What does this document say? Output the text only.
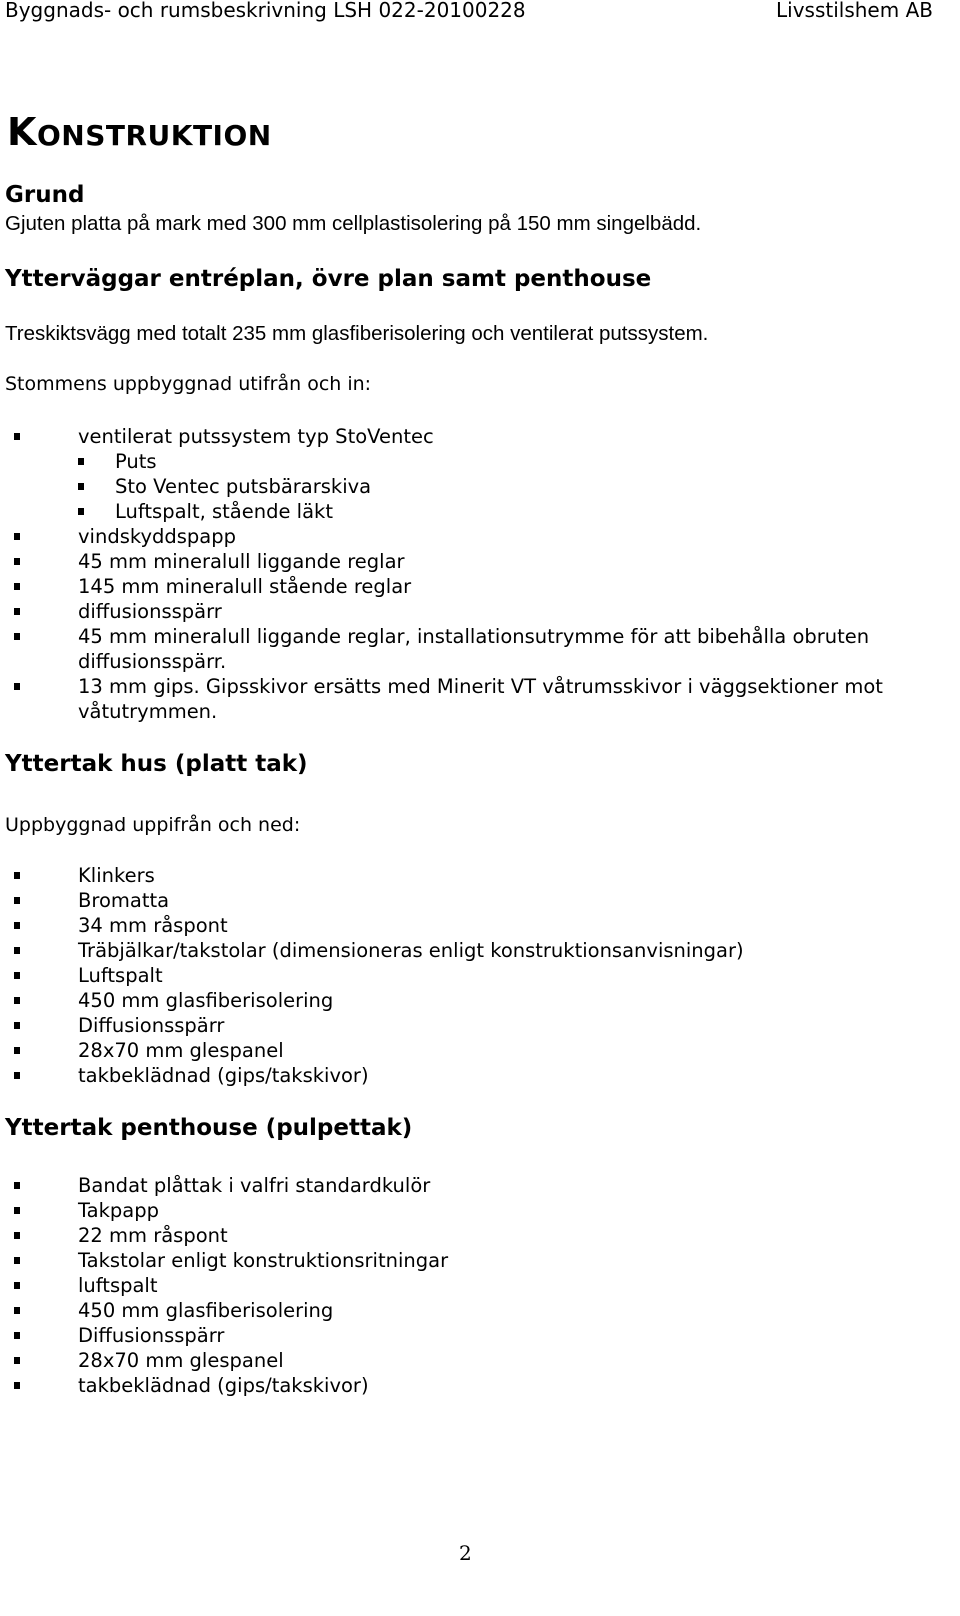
Byggnads- och rumsbeskrivning LSH 022-20100228	Livsstilshem AB
KONSTRUKTION
Grund
Gjuten platta på mark med 300 mm cellplastisolering på 150 mm singelbädd.
Ytterväggar entréplan, övre plan samt penthouse
Treskiktsvägg med totalt 235 mm glasfiberisolering och ventilerat putssystem.
Stommens uppbyggnad utifrån och in:
ventilerat putssystem typ StoVentec
Puts
Sto Ventec putsbärarskiva
Luftspalt, stående läkt
vindskyddspapp
45 mm mineralull liggande reglar
145 mm mineralull stående reglar
diffusionsspärr
45 mm mineralull liggande reglar, installationsutrymme för att bibehålla obruten
diffusionsspärr.
13 mm gips. Gipsskivor ersätts med Minerit VT våtrumsskivor i väggsektioner mot
våtutrymmen.
Yttertak hus (platt tak)
Uppbyggnad uppifrån och ned:
Klinkers
Bromatta
34 mm råspont
Träbjälkar/takstolar (dimensioneras enligt konstruktionsanvisningar)
Luftspalt
450 mm glasfiberisolering
Diffusionsspärr
28x70 mm glespanel
takbeklädnad (gips/takskivor)
Yttertak penthouse (pulpettak)
Bandat plåttak i valfri standardkulör
Takpapp
22 mm råspont
Takstolar enligt konstruktionsritningar
luftspalt
450 mm glasfiberisolering
Diffusionsspärr
28x70 mm glespanel
takbeklädnad (gips/takskivor)
2
